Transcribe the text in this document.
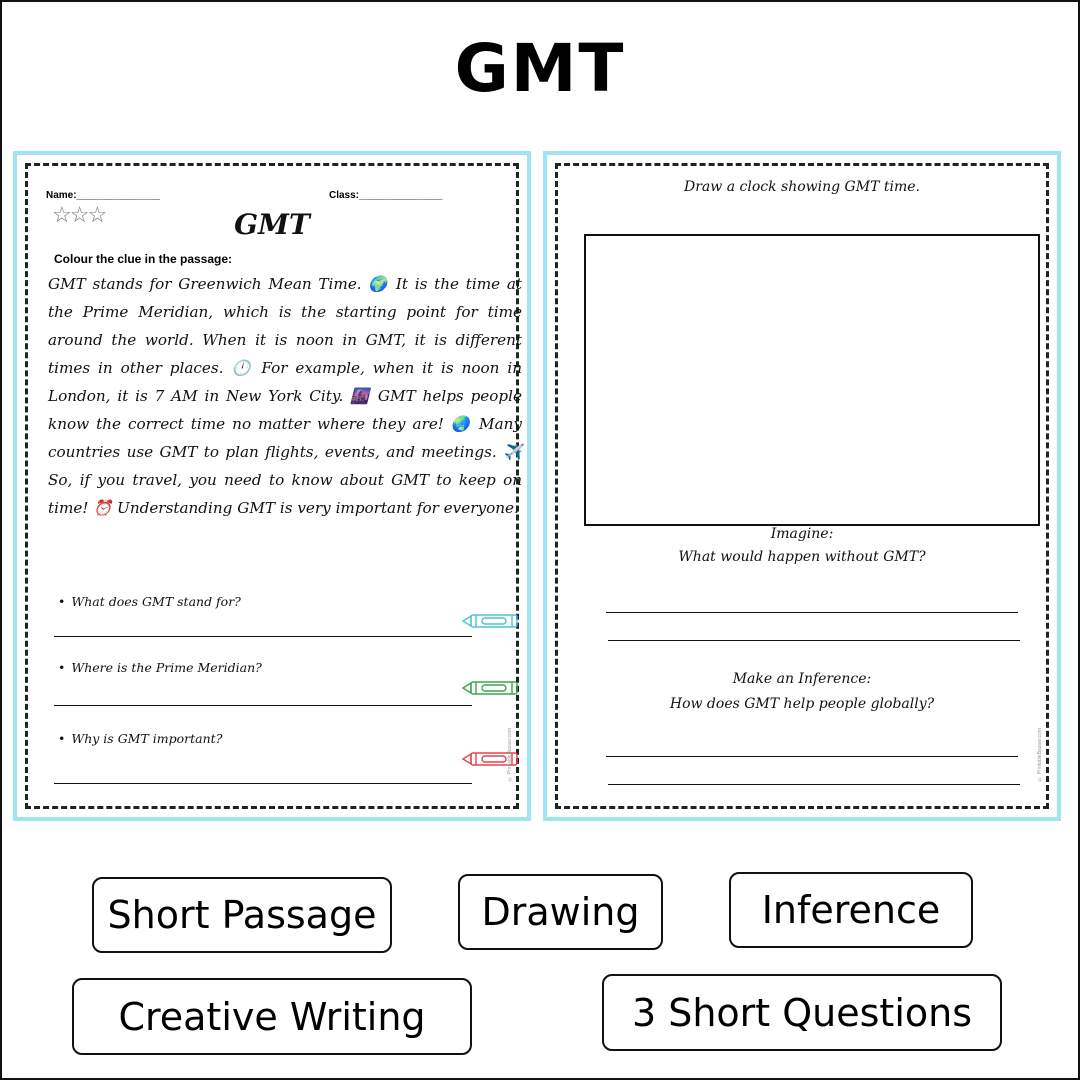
GMT
Name:_______________	Class:_______________
☆☆☆	GMT
Colour the clue in the passage:
GMT stands for Greenwich Mean Time. 🌍 It is the time at the Prime Meridian, which is the starting point for time around the world. When it is noon in GMT, it is different times in other places. 🕛 For example, when it is noon in London, it is 7 AM in New York City. 🌆 GMT helps people know the correct time no matter where they are! 🌏 Many countries use GMT to plan flights, events, and meetings. ✈️ So, if you travel, you need to know about GMT to keep on time! ⏰ Understanding GMT is very important for everyone.
• What does GMT stand for?
• Where is the Prime Meridian?
• Why is GMT important?	© PrintableBazaar.com
Draw a clock showing GMT time.
Imagine:
What would happen without GMT?
Make an Inference:
How does GMT help people globally?
© PrintableBazaar.com
Short Passage	Drawing	Inference
Creative Writing	3 Short Questions
